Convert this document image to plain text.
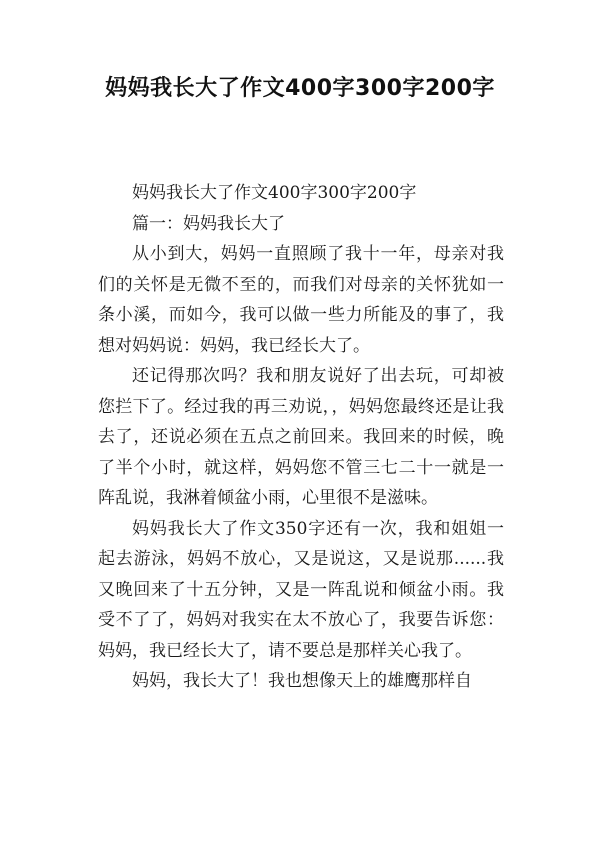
妈妈我长大了作文400字300字200字

妈妈我长大了作文400字300字200字

篇一：妈妈我长大了

从小到大，妈妈一直照顾了我十一年，母亲对我们的关怀是无微不至的，而我们对母亲的关怀犹如一条小溪，而如今，我可以做一些力所能及的事了，我想对妈妈说：妈妈，我已经长大了。

还记得那次吗？我和朋友说好了出去玩，可却被您拦下了。经过我的再三劝说，，妈妈您最终还是让我去了，还说必须在五点之前回来。我回来的时候，晚了半个小时，就这样，妈妈您不管三七二十一就是一阵乱说，我淋着倾盆小雨，心里很不是滋味。

妈妈我长大了作文350字还有一次，我和姐姐一起去游泳，妈妈不放心，又是说这，又是说那......我又晚回来了十五分钟，又是一阵乱说和倾盆小雨。我受不了了，妈妈对我实在太不放心了，我要告诉您：妈妈，我已经长大了，请不要总是那样关心我了。

妈妈，我长大了！我也想像天上的雄鹰那样自
